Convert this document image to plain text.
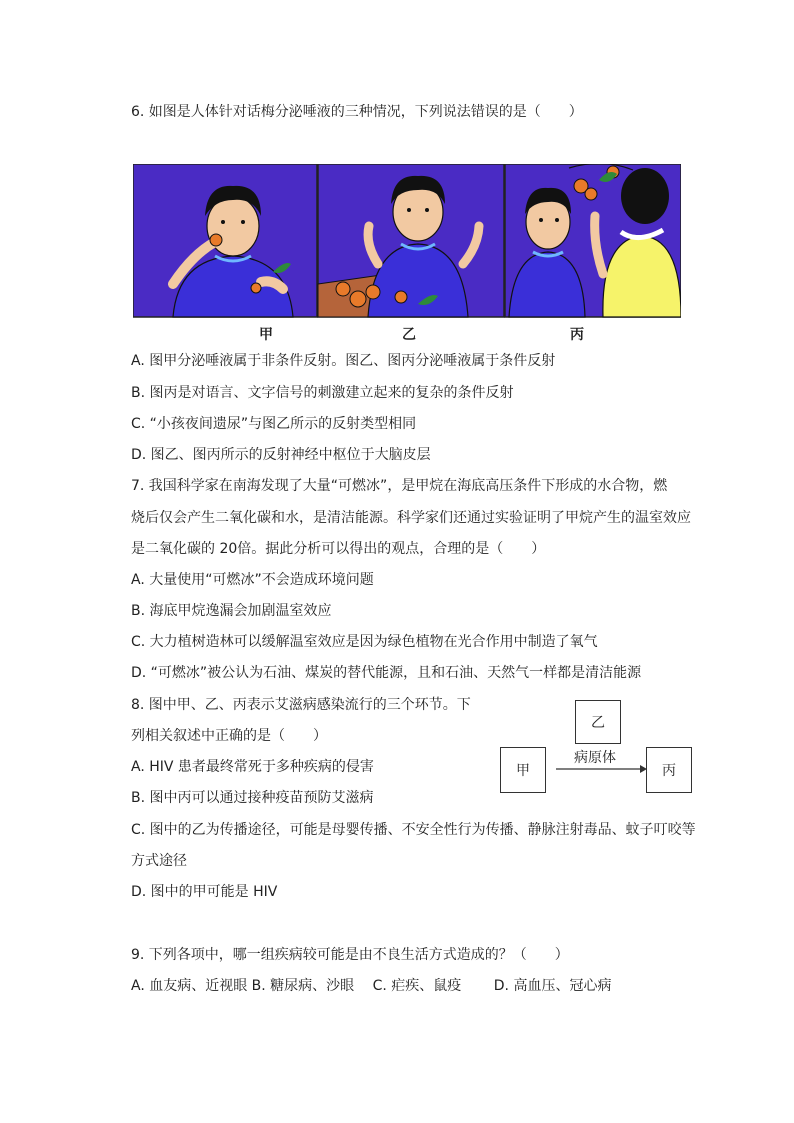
6. 如图是人体针对话梅分泌唾液的三种情况，下列说法错误的是（　　）
甲	乙	丙
A. 图甲分泌唾液属于非条件反射。图乙、图丙分泌唾液属于条件反射
B. 图丙是对语言、文字信号的刺激建立起来的复杂的条件反射
C. “小孩夜间遗尿”与图乙所示的反射类型相同
D. 图乙、图丙所示的反射神经中枢位于大脑皮层
7. 我国科学家在南海发现了大量“可燃冰”，是甲烷在海底高压条件下形成的水合物，燃
烧后仅会产生二氧化碳和水，是清洁能源。科学家们还通过实验证明了甲烷产生的温室效应
是二氧化碳的 20倍。据此分析可以得出的观点，合理的是（　　）
A. 大量使用“可燃冰”不会造成环境问题
B. 海底甲烷逸漏会加剧温室效应
C. 大力植树造林可以缓解温室效应是因为绿色植物在光合作用中制造了氧气
D. “可燃冰”被公认为石油、煤炭的替代能源，且和石油、天然气一样都是清洁能源
8. 图中甲、乙、丙表示艾滋病感染流行的三个环节。下
列相关叙述中正确的是（　　）
A. HIV 患者最终常死于多种疾病的侵害
B. 图中丙可以通过接种疫苗预防艾滋病
C. 图中的乙为传播途径，可能是母婴传播、不安全性行为传播、静脉注射毒品、蚊子叮咬等
方式途径
D. 图中的甲可能是 HIV
乙
甲	丙
病原体
9. 下列各项中，哪一组疾病较可能是由不良生活方式造成的？（　　）
A. 血友病、近视眼 B. 糖尿病、沙眼　 C. 疟疾、鼠疫　　 D. 高血压、冠心病
